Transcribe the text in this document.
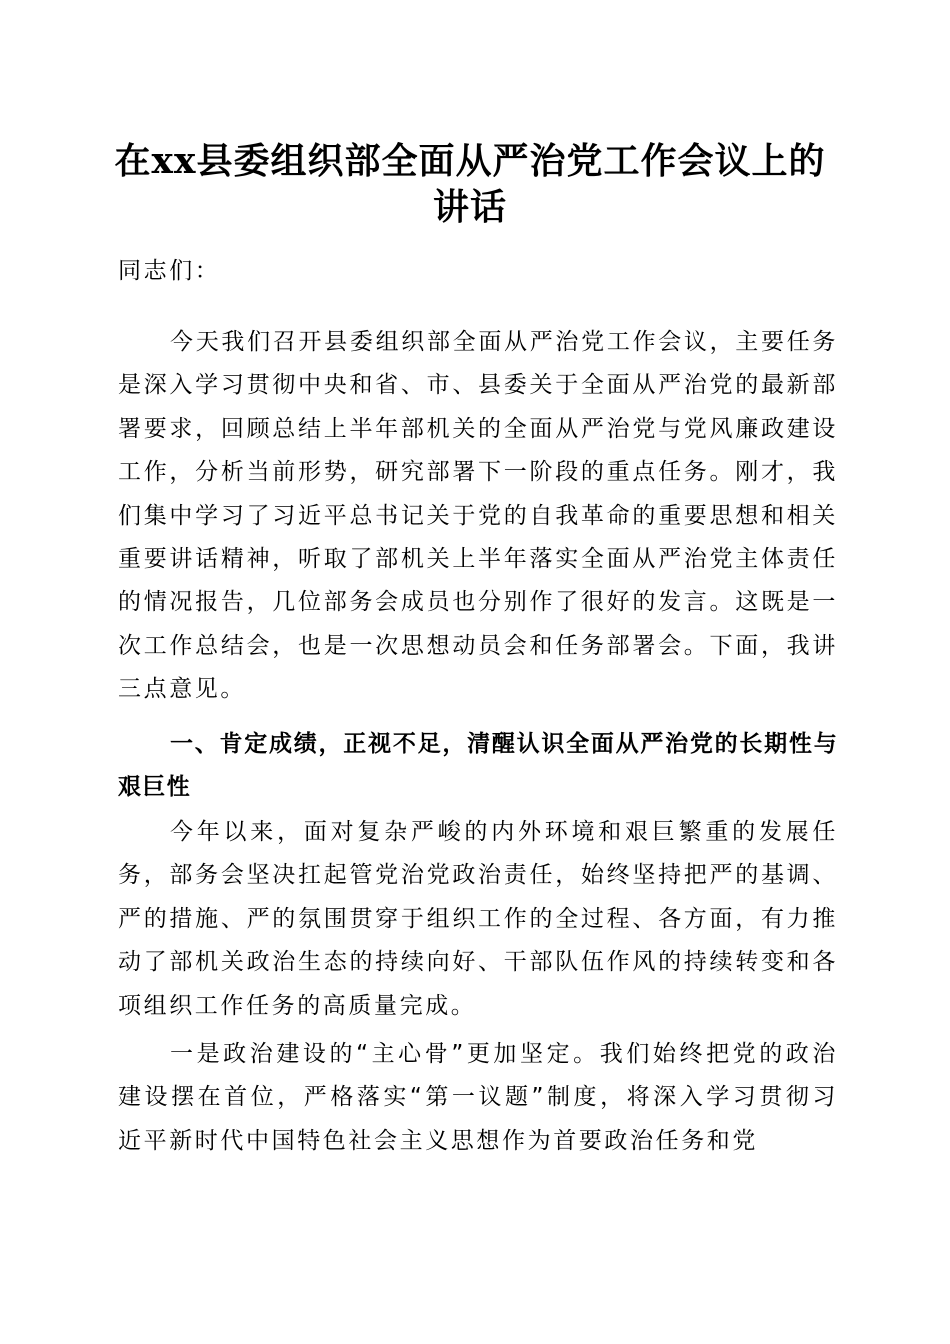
在xx县委组织部全面从严治党工作会议上的
讲话

同志们：

今天我们召开县委组织部全面从严治党工作会议，主要任务是深入学习贯彻中央和省、市、县委关于全面从严治党的最新部署要求，回顾总结上半年部机关的全面从严治党与党风廉政建设工作，分析当前形势，研究部署下一阶段的重点任务。刚才，我们集中学习了习近平总书记关于党的自我革命的重要思想和相关重要讲话精神，听取了部机关上半年落实全面从严治党主体责任的情况报告，几位部务会成员也分别作了很好的发言。这既是一次工作总结会，也是一次思想动员会和任务部署会。下面，我讲三点意见。

一、肯定成绩，正视不足，清醒认识全面从严治党的长期性与艰巨性

今年以来，面对复杂严峻的内外环境和艰巨繁重的发展任务，部务会坚决扛起管党治党政治责任，始终坚持把严的基调、严的措施、严的氛围贯穿于组织工作的全过程、各方面，有力推动了部机关政治生态的持续向好、干部队伍作风的持续转变和各项组织工作任务的高质量完成。

一是政治建设的“主心骨”更加坚定。我们始终把党的政治建设摆在首位，严格落实“第一议题”制度，将深入学习贯彻习近平新时代中国特色社会主义思想作为首要政治任务和党
